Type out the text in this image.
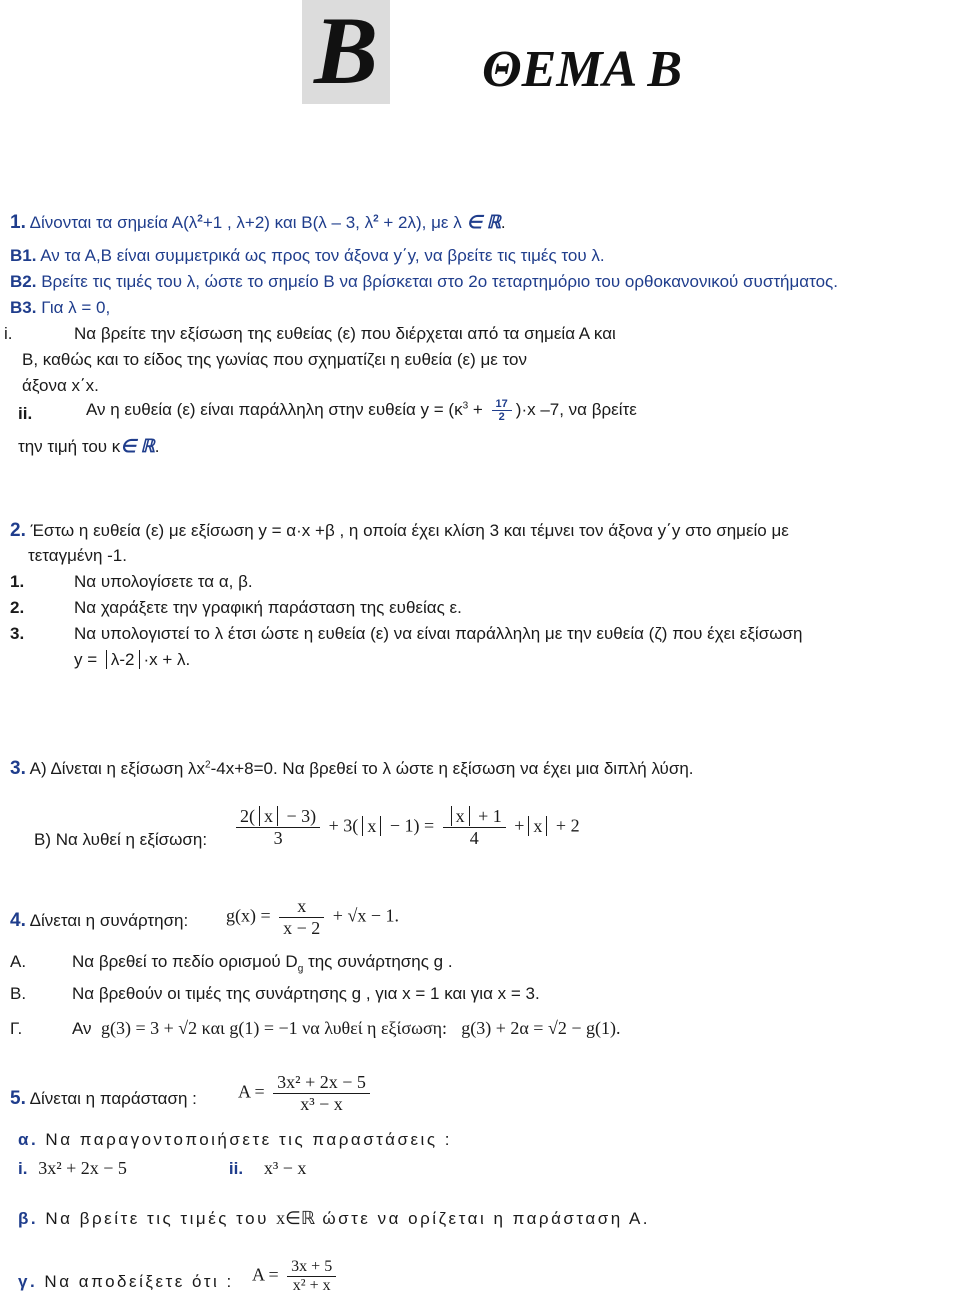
Β ΘΕΜΑ Β
1. Δίνονται τα σημεία $A(\lambda^2+1$ , λ+2) και Β(λ – 3, $\lambda^2 + 2\lambda$), με λ ∈ ℝ.
Β1. Αν τα Α,Β είναι συμμετρικά ως προς τον άξονα y΄y, να βρείτε τις τιμές του λ.
Β2. Βρείτε τις τιμές του λ, ώστε το σημείο Β να βρίσκεται στο 2ο τεταρτημόριο του ορθοκανονικού συστήματος.
Β3. Για λ = 0,
i.	Να βρείτε την εξίσωση της ευθείας (ε) που διέρχεται από τα σημεία Α και
Β, καθώς και το είδος της γωνίας που σχηματίζει η ευθεία (ε) με τον
άξονα x΄x.
ii.	Αν η ευθεία (ε) είναι παράλληλη στην ευθεία $y = (\kappa^3 + \frac{17}{2} )\cdot x$ –7, να βρείτε
την τιμή του κ∈ ℝ.
2. Έστω η ευθεία (ε) με εξίσωση y = α·x +β , η οποία έχει κλίση 3 και τέμνει τον άξονα y΄y στο σημείο με
τεταγμένη -1.
1.	Να υπολογίσετε τα α, β.
2.	Να χαράξετε την γραφική παράσταση της ευθείας ε.
3.	Να υπολογιστεί το λ έτσι ώστε η ευθεία (ε) να είναι παράλληλη με την ευθεία (ζ) που έχει εξίσωση
y = λ-2 ·x + λ.
3. Α) Δίνεται η εξίσωση $\lambda x^2-4x+8=0$. Να βρεθεί το λ ώστε η εξίσωση να έχει μια διπλή λύση.
Β) Να λυθεί η εξίσωση: $\frac{2( x - 3)}{3} + 3$( $x - 1) = \frac{x + 1}{4} + x + 2$
4. Δίνεται η συνάρτηση: $g(x) = \frac{x}{x - 2} + √x - 1$.
Α.	Να βρεθεί το πεδίο ορισμού $D_g$ της συνάρτησης g .
Β.	Να βρεθούν οι τιμές της συνάρτησης g , για x = 1 και για x = 3.
Γ.	Αν g(3) = 3 + √2 και g(1) = −1 να λυθεί η εξίσωση: g(3) + 2α = √2 − g(1).
5. Δίνεται η παράσταση : $A = \frac{\text{3x² + 2x − 5}}{\text{x³ − x}}$
α. Να παραγοντοποιήσετε τις παραστάσεις :
i. 3x² + 2x − 5	ii. x³ − x
β. Να βρείτε τις τιμές του x∈ℝ ώστε να ορίζεται η παράσταση Α.
γ. Να αποδείξετε ότι : $A = \frac{3x + 5}{\text{x² + x}}$
